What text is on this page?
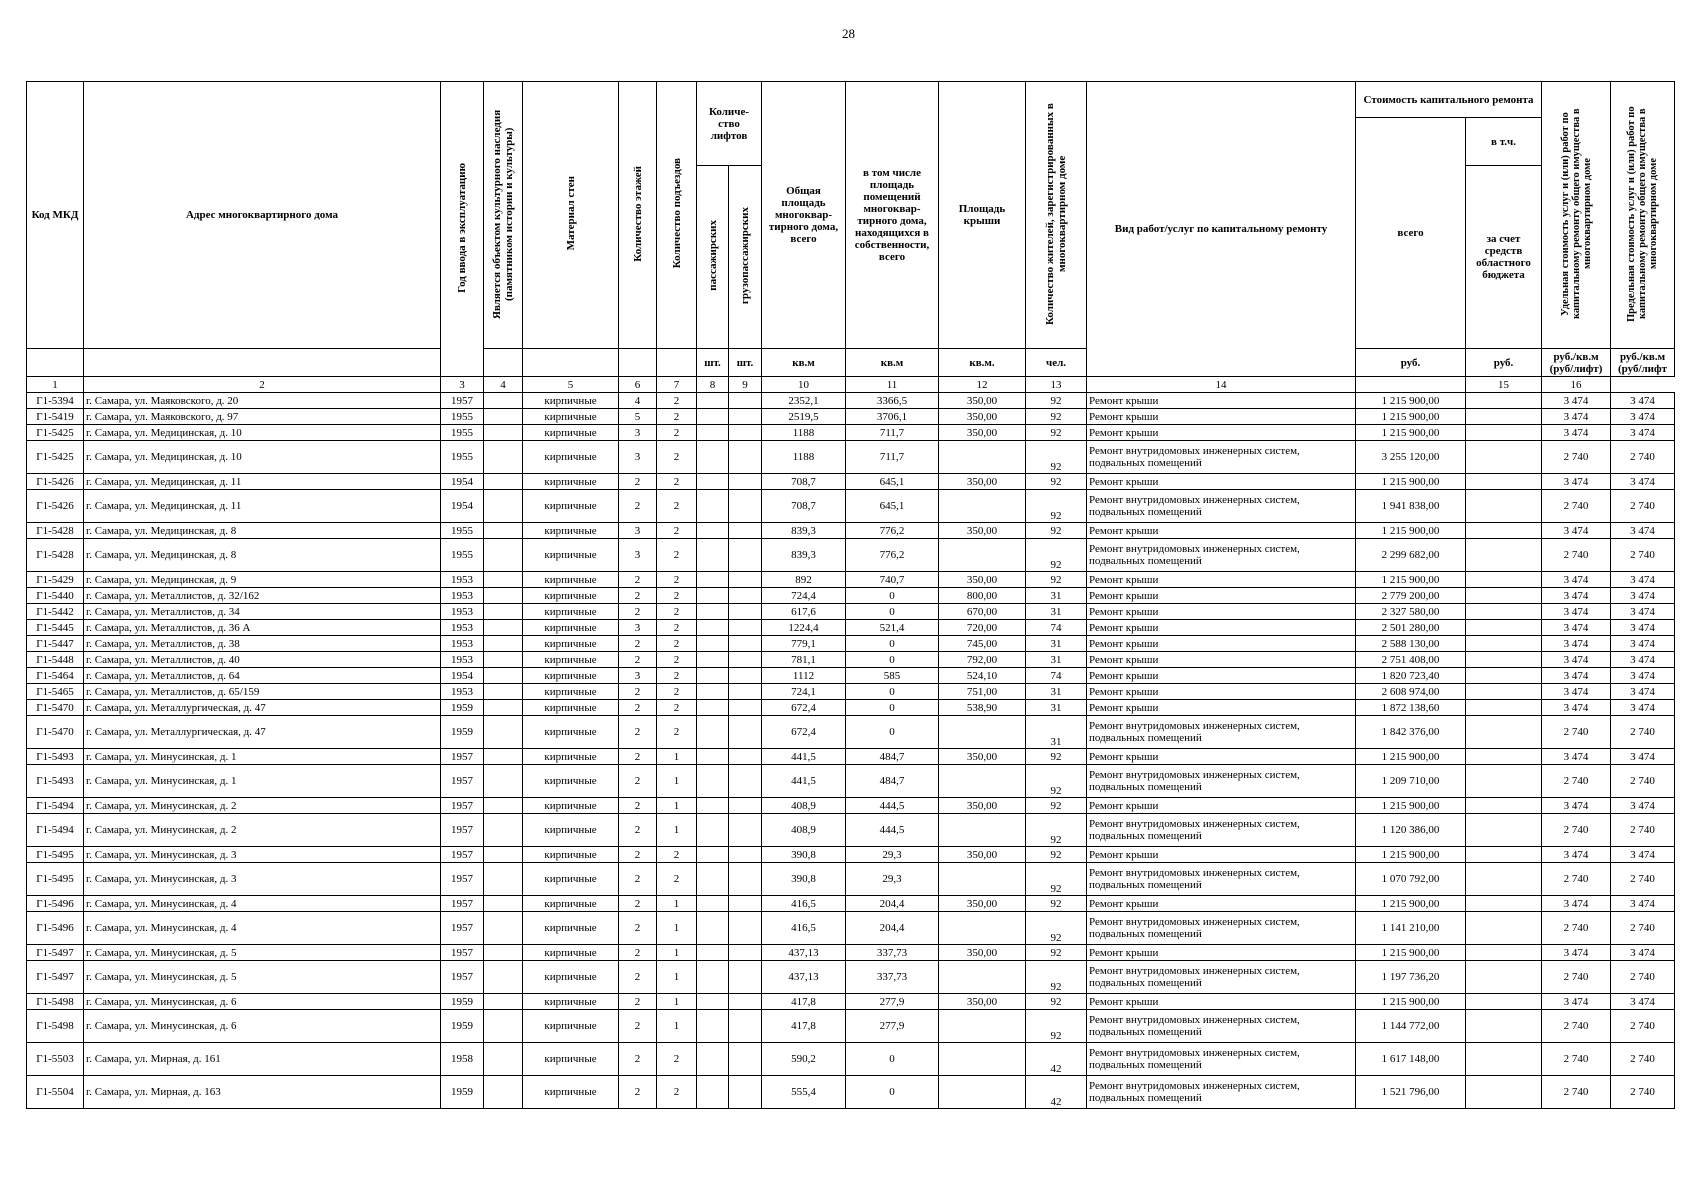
28
Код МКД	Адрес многоквартирного дома	Год ввода в эксплуатацию	Является объектом культурного наследия (памятником истории и культуры)	Материал стен	Количество этажей	Количество подъездов	Количе-ство лифтов		Общая площадь многоквар-тирного дома, всего	в том числе площадь помещений многоквар-тирного дома, находящихся в собственности, всего	Площадь крыши	Количество жителей, зарегистрированных в многоквартирном доме	Вид работ/услуг по капитальному ремонту	Стоимость капитального ремонта		Удельная стоимость услуг и (или) работ по капитальному ремонту общего имущества в многоквартирном доме	Предельная стоимость услуг и (или) работ по капитальному ремонту общего имущества в многоквартирном доме
														всего	в т.ч.		
							пассажирских	грузопассажирских							за счет средств областного бюджета		
							шт.	шт.	кв.м	кв.м	кв.м.	чел.		руб.	руб.	руб./кв.м (руб/лифт)	руб./кв.м (руб/лифт
1	2	3	4	5	6	7	8	9	10	11	12	13	14		15	16	
Г1-5394	г. Самара, ул. Маяковского, д. 20	1957		кирпичные	4	2			2352,1	3366,5	350,00	92	Ремонт крыши	1 215 900,00		3 474	3 474
Г1-5419	г. Самара, ул. Маяковского, д. 97	1955		кирпичные	5	2			2519,5	3706,1	350,00	92	Ремонт крыши	1 215 900,00		3 474	3 474
Г1-5425	г. Самара, ул. Медицинская, д. 10	1955		кирпичные	3	2			1188	711,7	350,00	92	Ремонт крыши	1 215 900,00		3 474	3 474
Г1-5425	г. Самара, ул. Медицинская, д. 10	1955		кирпичные	3	2			1188	711,7		92	Ремонт внутридомовых инженерных систем, подвальных помещений	3 255 120,00		2 740	2 740
Г1-5426	г. Самара, ул. Медицинская, д. 11	1954		кирпичные	2	2			708,7	645,1	350,00	92	Ремонт крыши	1 215 900,00		3 474	3 474
Г1-5426	г. Самара, ул. Медицинская, д. 11	1954		кирпичные	2	2			708,7	645,1		92	Ремонт внутридомовых инженерных систем, подвальных помещений	1 941 838,00		2 740	2 740
Г1-5428	г. Самара, ул. Медицинская, д. 8	1955		кирпичные	3	2			839,3	776,2	350,00	92	Ремонт крыши	1 215 900,00		3 474	3 474
Г1-5428	г. Самара, ул. Медицинская, д. 8	1955		кирпичные	3	2			839,3	776,2		92	Ремонт внутридомовых инженерных систем, подвальных помещений	2 299 682,00		2 740	2 740
Г1-5429	г. Самара, ул. Медицинская, д. 9	1953		кирпичные	2	2			892	740,7	350,00	92	Ремонт крыши	1 215 900,00		3 474	3 474
Г1-5440	г. Самара, ул. Металлистов, д. 32/162	1953		кирпичные	2	2			724,4	0	800,00	31	Ремонт крыши	2 779 200,00		3 474	3 474
Г1-5442	г. Самара, ул. Металлистов, д. 34	1953		кирпичные	2	2			617,6	0	670,00	31	Ремонт крыши	2 327 580,00		3 474	3 474
Г1-5445	г. Самара, ул. Металлистов, д. 36 А	1953		кирпичные	3	2			1224,4	521,4	720,00	74	Ремонт крыши	2 501 280,00		3 474	3 474
Г1-5447	г. Самара, ул. Металлистов, д. 38	1953		кирпичные	2	2			779,1	0	745,00	31	Ремонт крыши	2 588 130,00		3 474	3 474
Г1-5448	г. Самара, ул. Металлистов, д. 40	1953		кирпичные	2	2			781,1	0	792,00	31	Ремонт крыши	2 751 408,00		3 474	3 474
Г1-5464	г. Самара, ул. Металлистов, д. 64	1954		кирпичные	3	2			1112	585	524,10	74	Ремонт крыши	1 820 723,40		3 474	3 474
Г1-5465	г. Самара, ул. Металлистов, д. 65/159	1953		кирпичные	2	2			724,1	0	751,00	31	Ремонт крыши	2 608 974,00		3 474	3 474
Г1-5470	г. Самара, ул. Металлургическая, д. 47	1959		кирпичные	2	2			672,4	0	538,90	31	Ремонт крыши	1 872 138,60		3 474	3 474
Г1-5470	г. Самара, ул. Металлургическая, д. 47	1959		кирпичные	2	2			672,4	0		31	Ремонт внутридомовых инженерных систем, подвальных помещений	1 842 376,00		2 740	2 740
Г1-5493	г. Самара, ул. Минусинская, д. 1	1957		кирпичные	2	1			441,5	484,7	350,00	92	Ремонт крыши	1 215 900,00		3 474	3 474
Г1-5493	г. Самара, ул. Минусинская, д. 1	1957		кирпичные	2	1			441,5	484,7		92	Ремонт внутридомовых инженерных систем, подвальных помещений	1 209 710,00		2 740	2 740
Г1-5494	г. Самара, ул. Минусинская, д. 2	1957		кирпичные	2	1			408,9	444,5	350,00	92	Ремонт крыши	1 215 900,00		3 474	3 474
Г1-5494	г. Самара, ул. Минусинская, д. 2	1957		кирпичные	2	1			408,9	444,5		92	Ремонт внутридомовых инженерных систем, подвальных помещений	1 120 386,00		2 740	2 740
Г1-5495	г. Самара, ул. Минусинская, д. 3	1957		кирпичные	2	2			390,8	29,3	350,00	92	Ремонт крыши	1 215 900,00		3 474	3 474
Г1-5495	г. Самара, ул. Минусинская, д. 3	1957		кирпичные	2	2			390,8	29,3		92	Ремонт внутридомовых инженерных систем, подвальных помещений	1 070 792,00		2 740	2 740
Г1-5496	г. Самара, ул. Минусинская, д. 4	1957		кирпичные	2	1			416,5	204,4	350,00	92	Ремонт крыши	1 215 900,00		3 474	3 474
Г1-5496	г. Самара, ул. Минусинская, д. 4	1957		кирпичные	2	1			416,5	204,4		92	Ремонт внутридомовых инженерных систем, подвальных помещений	1 141 210,00		2 740	2 740
Г1-5497	г. Самара, ул. Минусинская, д. 5	1957		кирпичные	2	1			437,13	337,73	350,00	92	Ремонт крыши	1 215 900,00		3 474	3 474
Г1-5497	г. Самара, ул. Минусинская, д. 5	1957		кирпичные	2	1			437,13	337,73		92	Ремонт внутридомовых инженерных систем, подвальных помещений	1 197 736,20		2 740	2 740
Г1-5498	г. Самара, ул. Минусинская, д. 6	1959		кирпичные	2	1			417,8	277,9	350,00	92	Ремонт крыши	1 215 900,00		3 474	3 474
Г1-5498	г. Самара, ул. Минусинская, д. 6	1959		кирпичные	2	1			417,8	277,9		92	Ремонт внутридомовых инженерных систем, подвальных помещений	1 144 772,00		2 740	2 740
Г1-5503	г. Самара, ул. Мирная, д. 161	1958		кирпичные	2	2			590,2	0		42	Ремонт внутридомовых инженерных систем, подвальных помещений	1 617 148,00		2 740	2 740
Г1-5504	г. Самара, ул. Мирная, д. 163	1959		кирпичные	2	2			555,4	0		42	Ремонт внутридомовых инженерных систем, подвальных помещений	1 521 796,00		2 740	2 740
